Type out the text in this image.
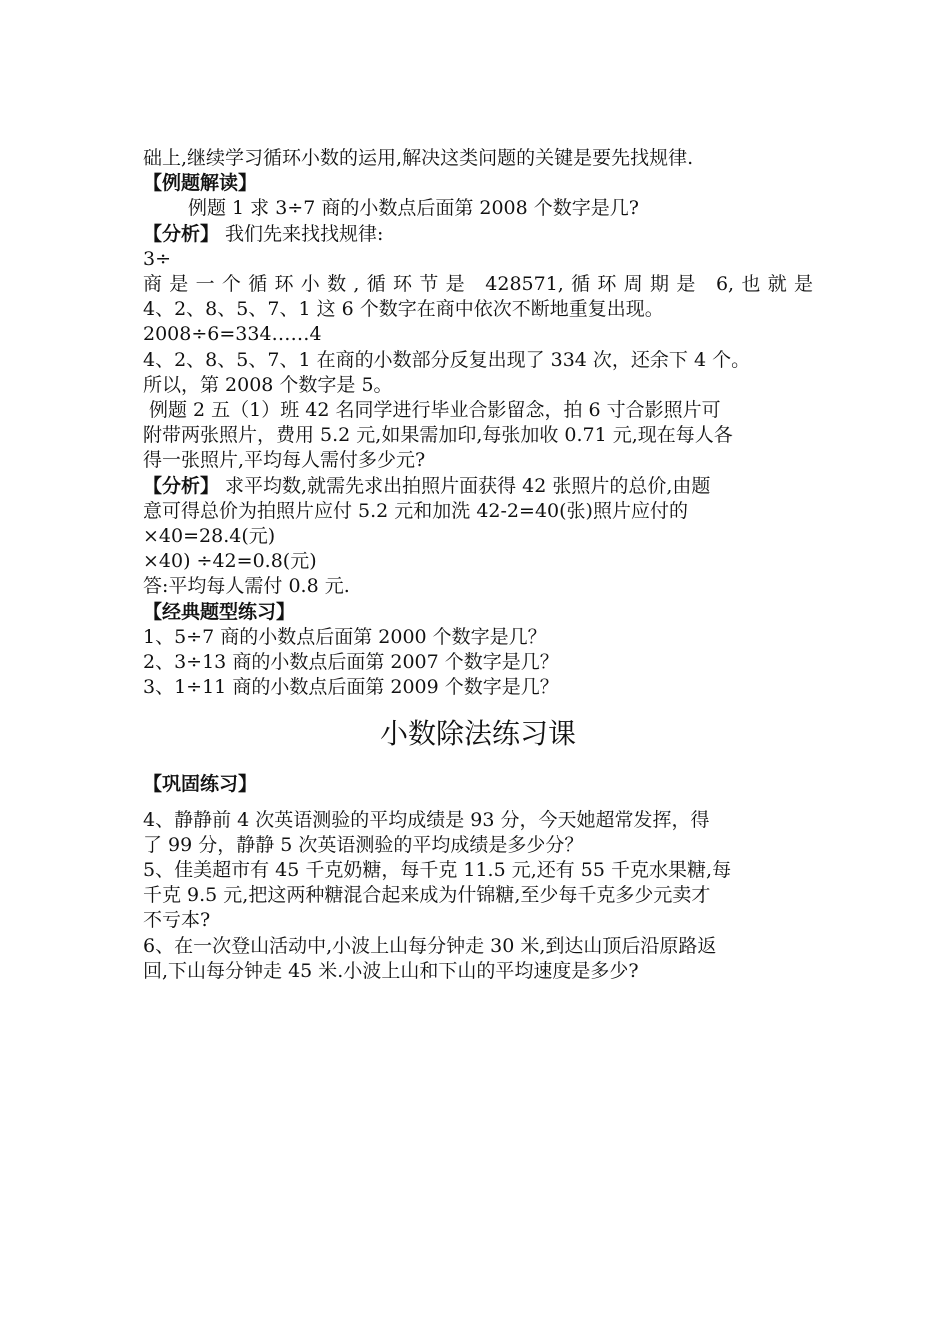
础上,继续学习循环小数的运用,解决这类问题的关键是要先找规律.
【例题解读】
例题 1 求 3÷7 商的小数点后面第 2008 个数字是几?
【分析】 我们先来找找规律:
3÷
商是一个循环小数,循环节是 428571,循环周期是 6,也就是
4、2、8、5、7、1 这 6 个数字在商中依次不断地重复出现。
2008÷6=334……4
4、2、8、5、7、1 在商的小数部分反复出现了 334 次，还余下 4 个。
所以，第 2008 个数字是 5。
例题 2 五（1）班 42 名同学进行毕业合影留念，拍 6 寸合影照片可
附带两张照片，费用 5.2 元,如果需加印,每张加收 0.71 元,现在每人各
得一张照片,平均每人需付多少元?
【分析】 求平均数,就需先求出拍照片面获得 42 张照片的总价,由题
意可得总价为拍照片应付 5.2 元和加洗 42-2=40(张)照片应付的
×40=28.4(元)
×40) ÷42=0.8(元)
答:平均每人需付 0.8 元.
【经典题型练习】
1、5÷7 商的小数点后面第 2000 个数字是几？
2、3÷13 商的小数点后面第 2007 个数字是几？
3、1÷11 商的小数点后面第 2009 个数字是几？
小数除法练习课
【巩固练习】
4、静静前 4 次英语测验的平均成绩是 93 分，今天她超常发挥，得
了 99 分，静静 5 次英语测验的平均成绩是多少分？
5、佳美超市有 45 千克奶糖，每千克 11.5 元,还有 55 千克水果糖,每
千克 9.5 元,把这两种糖混合起来成为什锦糖,至少每千克多少元卖才
不亏本?
6、在一次登山活动中,小波上山每分钟走 30 米,到达山顶后沿原路返
回,下山每分钟走 45 米.小波上山和下山的平均速度是多少?
